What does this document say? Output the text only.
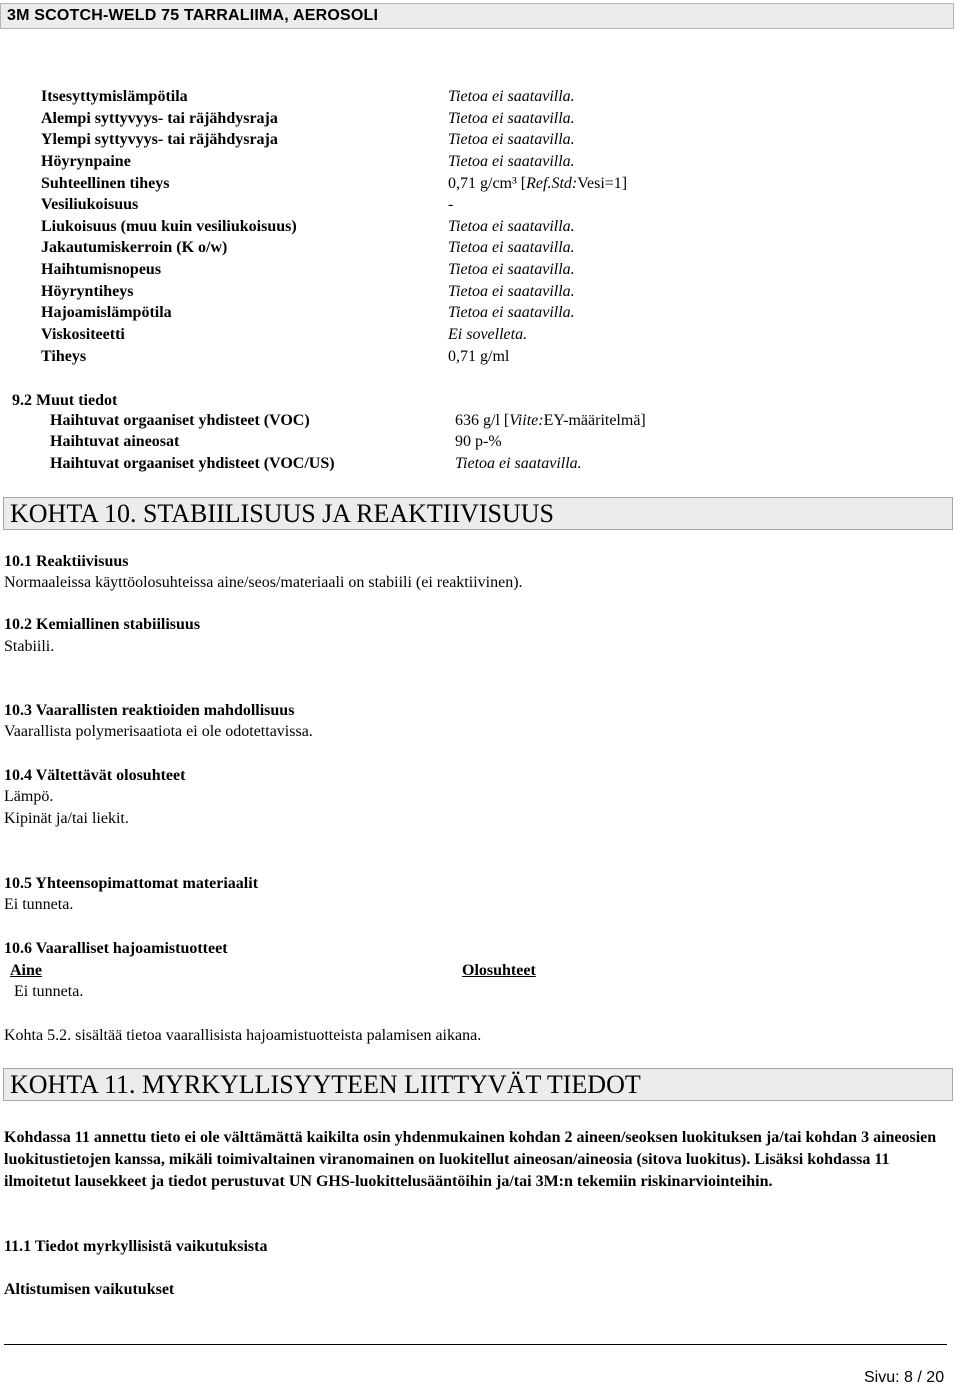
3M SCOTCH-WELD 75 TARRALIIMA, AEROSOLI
Itsesyttymislämpötila	Tietoa ei saatavilla.
Alempi syttyvyys- tai räjähdysraja	Tietoa ei saatavilla.
Ylempi syttyvyys- tai räjähdysraja	Tietoa ei saatavilla.
Höyrynpaine	Tietoa ei saatavilla.
Suhteellinen tiheys	0,71 g/cm³ [Ref.Std:Vesi=1]
Vesiliukoisuus	-
Liukoisuus (muu kuin vesiliukoisuus)	Tietoa ei saatavilla.
Jakautumiskerroin (K o/w)	Tietoa ei saatavilla.
Haihtumisnopeus	Tietoa ei saatavilla.
Höyryntiheys	Tietoa ei saatavilla.
Hajoamislämpötila	Tietoa ei saatavilla.
Viskositeetti	Ei sovelleta.
Tiheys	0,71 g/ml
9.2 Muut tiedot
Haihtuvat orgaaniset yhdisteet (VOC)	636 g/l [Viite:EY-määritelmä]
Haihtuvat aineosat	90 p-%
Haihtuvat orgaaniset yhdisteet (VOC/US)	Tietoa ei saatavilla.
KOHTA 10. STABIILISUUS JA REAKTIIVISUUS
10.1 Reaktiivisuus
Normaaleissa käyttöolosuhteissa aine/seos/materiaali on stabiili (ei reaktiivinen).
10.2 Kemiallinen stabiilisuus
Stabiili.
10.3 Vaarallisten reaktioiden mahdollisuus
Vaarallista polymerisaatiota ei ole odotettavissa.
10.4 Vältettävät olosuhteet
Lämpö.
Kipinät ja/tai liekit.
10.5 Yhteensopimattomat materiaalit
Ei tunneta.
10.6 Vaaralliset hajoamistuotteet
Aine	Olosuhteet
Ei tunneta.
Kohta 5.2. sisältää tietoa vaarallisista hajoamistuotteista palamisen aikana.
KOHTA 11. MYRKYLLISYYTEEN LIITTYVÄT TIEDOT
Kohdassa 11 annettu tieto ei ole välttämättä kaikilta osin yhdenmukainen kohdan 2 aineen/seoksen luokituksen ja/tai kohdan 3 aineosien luokitustietojen kanssa, mikäli toimivaltainen viranomainen on luokitellut aineosan/aineosia (sitova luokitus). Lisäksi kohdassa 11 ilmoitetut lausekkeet ja tiedot perustuvat UN GHS-luokittelusääntöihin ja/tai 3M:n tekemiin riskinarviointeihin.
11.1 Tiedot myrkyllisistä vaikutuksista
Altistumisen vaikutukset
Sivu: 8 / 20
